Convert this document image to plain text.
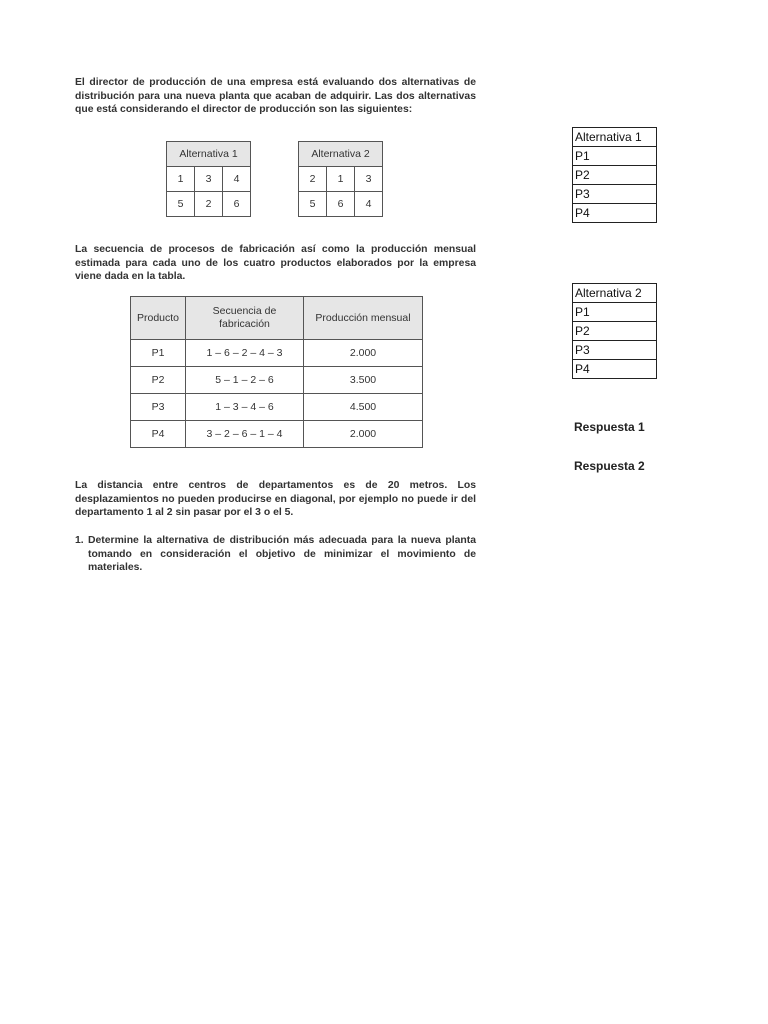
El director de producción de una empresa está evaluando dos alternativas de distribución para una nueva planta que acaban de adquirir. Las dos alternativas que está considerando el director de producción son las siguientes:

Alternativa 1		
1	3	4
5	2	6
Alternativa 2		
2	1	3
5	6	4

La secuencia de procesos de fabricación así como la producción mensual estimada para cada uno de los cuatro productos elaborados por la empresa viene dada en la tabla.

Producto	Secuencia de fabricación	Producción mensual
P1	1 – 6 – 2 – 4 – 3	2.000
P2	5 – 1 – 2 – 6	3.500
P3	1 – 3 – 4 – 6	4.500
P4	3 – 2 – 6 – 1 – 4	2.000

La distancia entre centros de departamentos es de 20 metros. Los desplazamientos no pueden producirse en diagonal, por ejemplo no puede ir del departamento 1 al 2 sin pasar por el 3 o el 5.

1. Determine la alternativa de distribución más adecuada para la nueva planta tomando en consideración el objetivo de minimizar el movimiento de materiales.
Alternativa 1
P1
P2
P3
P4
Alternativa 2
P1
P2
P3
P4
Respuesta 1
Respuesta 2
